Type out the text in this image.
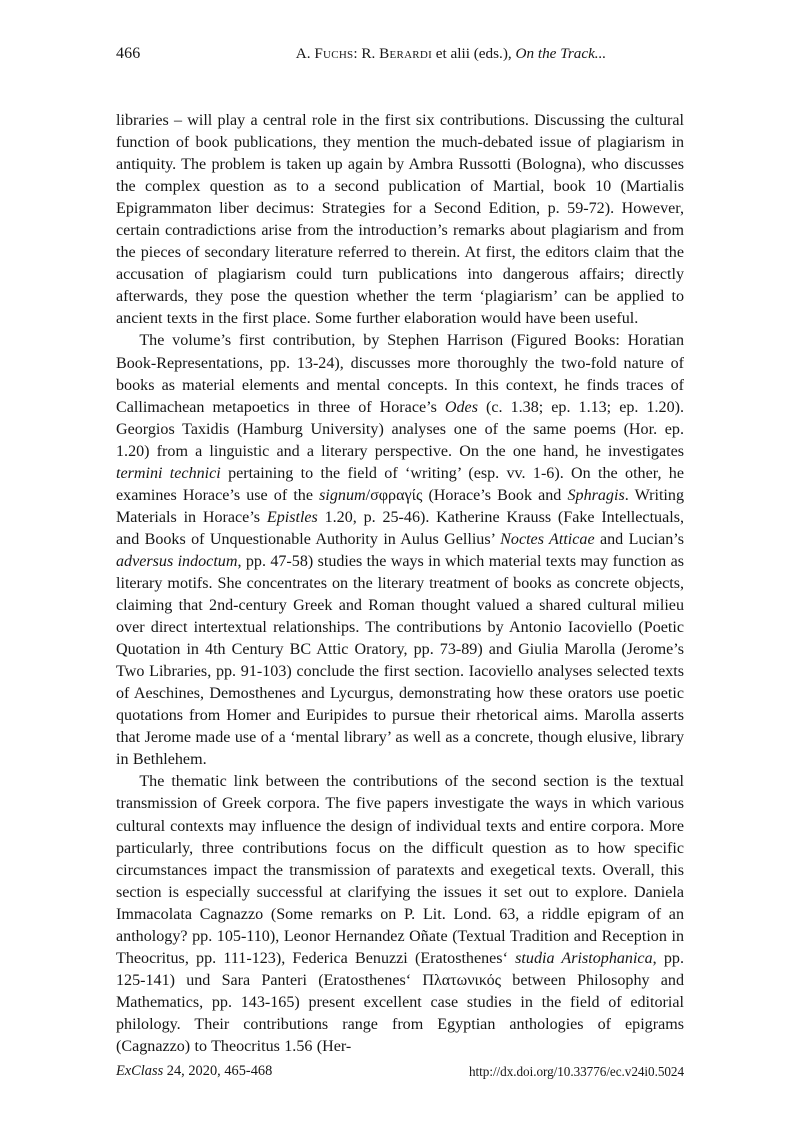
466	A. Fuchs: R. Berardi et alii (eds.), On the Track...

libraries – will play a central role in the first six contributions. Discussing the cultural function of book publications, they mention the much-debated issue of plagiarism in antiquity. The problem is taken up again by Ambra Russotti (Bologna), who discusses the complex question as to a second publication of Martial, book 10 (Martialis Epigrammaton liber decimus: Strategies for a Second Edition, p. 59-72). However, certain contradictions arise from the introduction’s remarks about plagiarism and from the pieces of secondary literature referred to therein. At first, the editors claim that the accusation of plagiarism could turn publications into dangerous affairs; directly afterwards, they pose the question whether the term ‘plagiarism’ can be applied to ancient texts in the first place. Some further elaboration would have been useful.

The volume’s first contribution, by Stephen Harrison (Figured Books: Horatian Book-Representations, pp. 13-24), discusses more thoroughly the two-fold nature of books as material elements and mental concepts. In this context, he finds traces of Callimachean metapoetics in three of Horace’s Odes (c. 1.38; ep. 1.13; ep. 1.20). Georgios Taxidis (Hamburg University) analyses one of the same poems (Hor. ep. 1.20) from a linguistic and a literary perspective. On the one hand, he investigates termini technici pertaining to the field of ‘writing’ (esp. vv. 1-6). On the other, he examines Horace’s use of the signum/σφραγίς (Horace’s Book and Sphragis. Writing Materials in Horace’s Epistles 1.20, p. 25-46). Katherine Krauss (Fake Intellectuals, and Books of Unquestionable Authority in Aulus Gellius’ Noctes Atticae and Lucian’s adversus indoctum, pp. 47-58) studies the ways in which material texts may function as literary motifs. She concentrates on the literary treatment of books as concrete objects, claiming that 2nd-century Greek and Roman thought valued a shared cultural milieu over direct intertextual relationships. The contributions by Antonio Iacoviello (Poetic Quotation in 4th Century BC Attic Oratory, pp. 73-89) and Giulia Marolla (Jerome’s Two Libraries, pp. 91-103) conclude the first section. Iacoviello analyses selected texts of Aeschines, Demosthenes and Lycurgus, demonstrating how these orators use poetic quotations from Homer and Euripides to pursue their rhetorical aims. Marolla asserts that Jerome made use of a ‘mental library’ as well as a concrete, though elusive, library in Bethlehem.

The thematic link between the contributions of the second section is the textual transmission of Greek corpora. The five papers investigate the ways in which various cultural contexts may influence the design of individual texts and entire corpora. More particularly, three contributions focus on the difficult question as to how specific circumstances impact the transmission of paratexts and exegetical texts. Overall, this section is especially successful at clarifying the issues it set out to explore. Daniela Immacolata Cagnazzo (Some remarks on P. Lit. Lond. 63, a riddle epigram of an anthology? pp. 105-110), Leonor Hernandez Oñate (Textual Tradition and Reception in Theocritus, pp. 111-123), Federica Benuzzi (Eratosthenesʻ studia Aristophanica, pp. 125-141) und Sara Panteri (Eratosthenesʻ Πλατωνικός between Philosophy and Mathematics, pp. 143-165) present excellent case studies in the field of editorial philology. Their contributions range from Egyptian anthologies of epigrams (Cagnazzo) to Theocritus 1.56 (Her-

ExClass 24, 2020, 465-468	http://dx.doi.org/10.33776/ec.v24i0.5024
